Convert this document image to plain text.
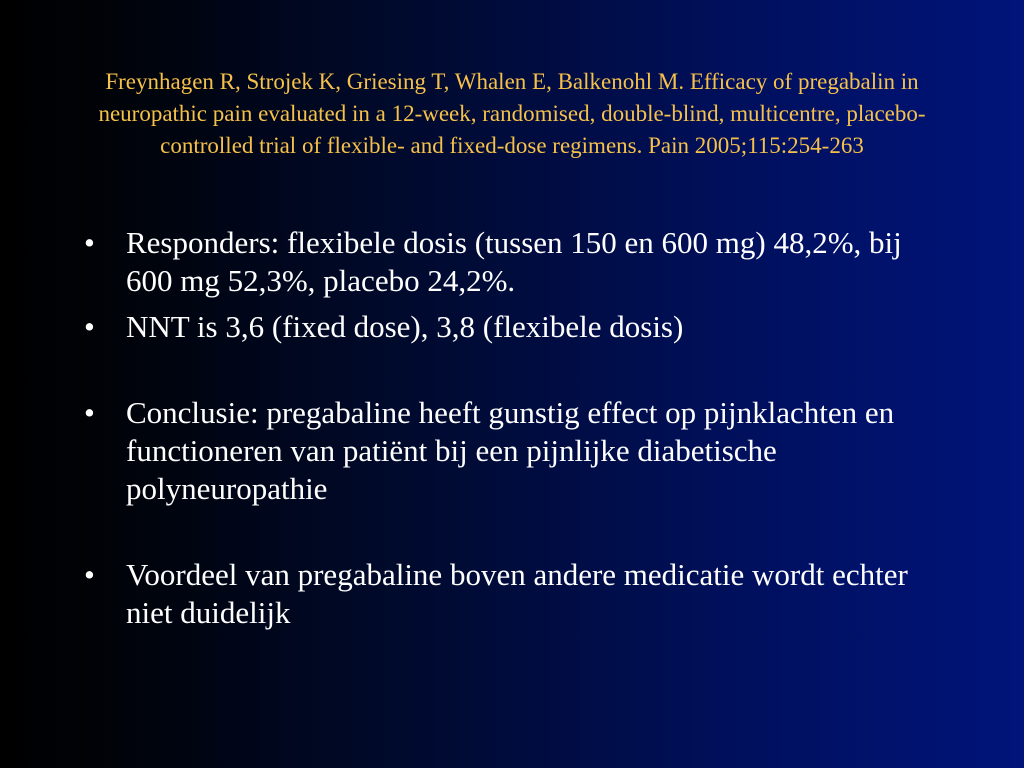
Freynhagen R, Strojek K, Griesing T, Whalen E, Balkenohl M. Efficacy of pregabalin in neuropathic pain evaluated in a 12-week, randomised, double-blind, multicentre, placebo-controlled trial of flexible- and fixed-dose regimens. Pain 2005;115:254-263
• Responders: flexibele dosis (tussen 150 en 600 mg) 48,2%, bij 600 mg 52,3%, placebo 24,2%.
• NNT is 3,6 (fixed dose), 3,8 (flexibele dosis)
• Conclusie: pregabaline heeft gunstig effect op pijnklachten en functioneren van patiënt bij een pijnlijke diabetische polyneuropathie
• Voordeel van pregabaline boven andere medicatie wordt echter niet duidelijk
